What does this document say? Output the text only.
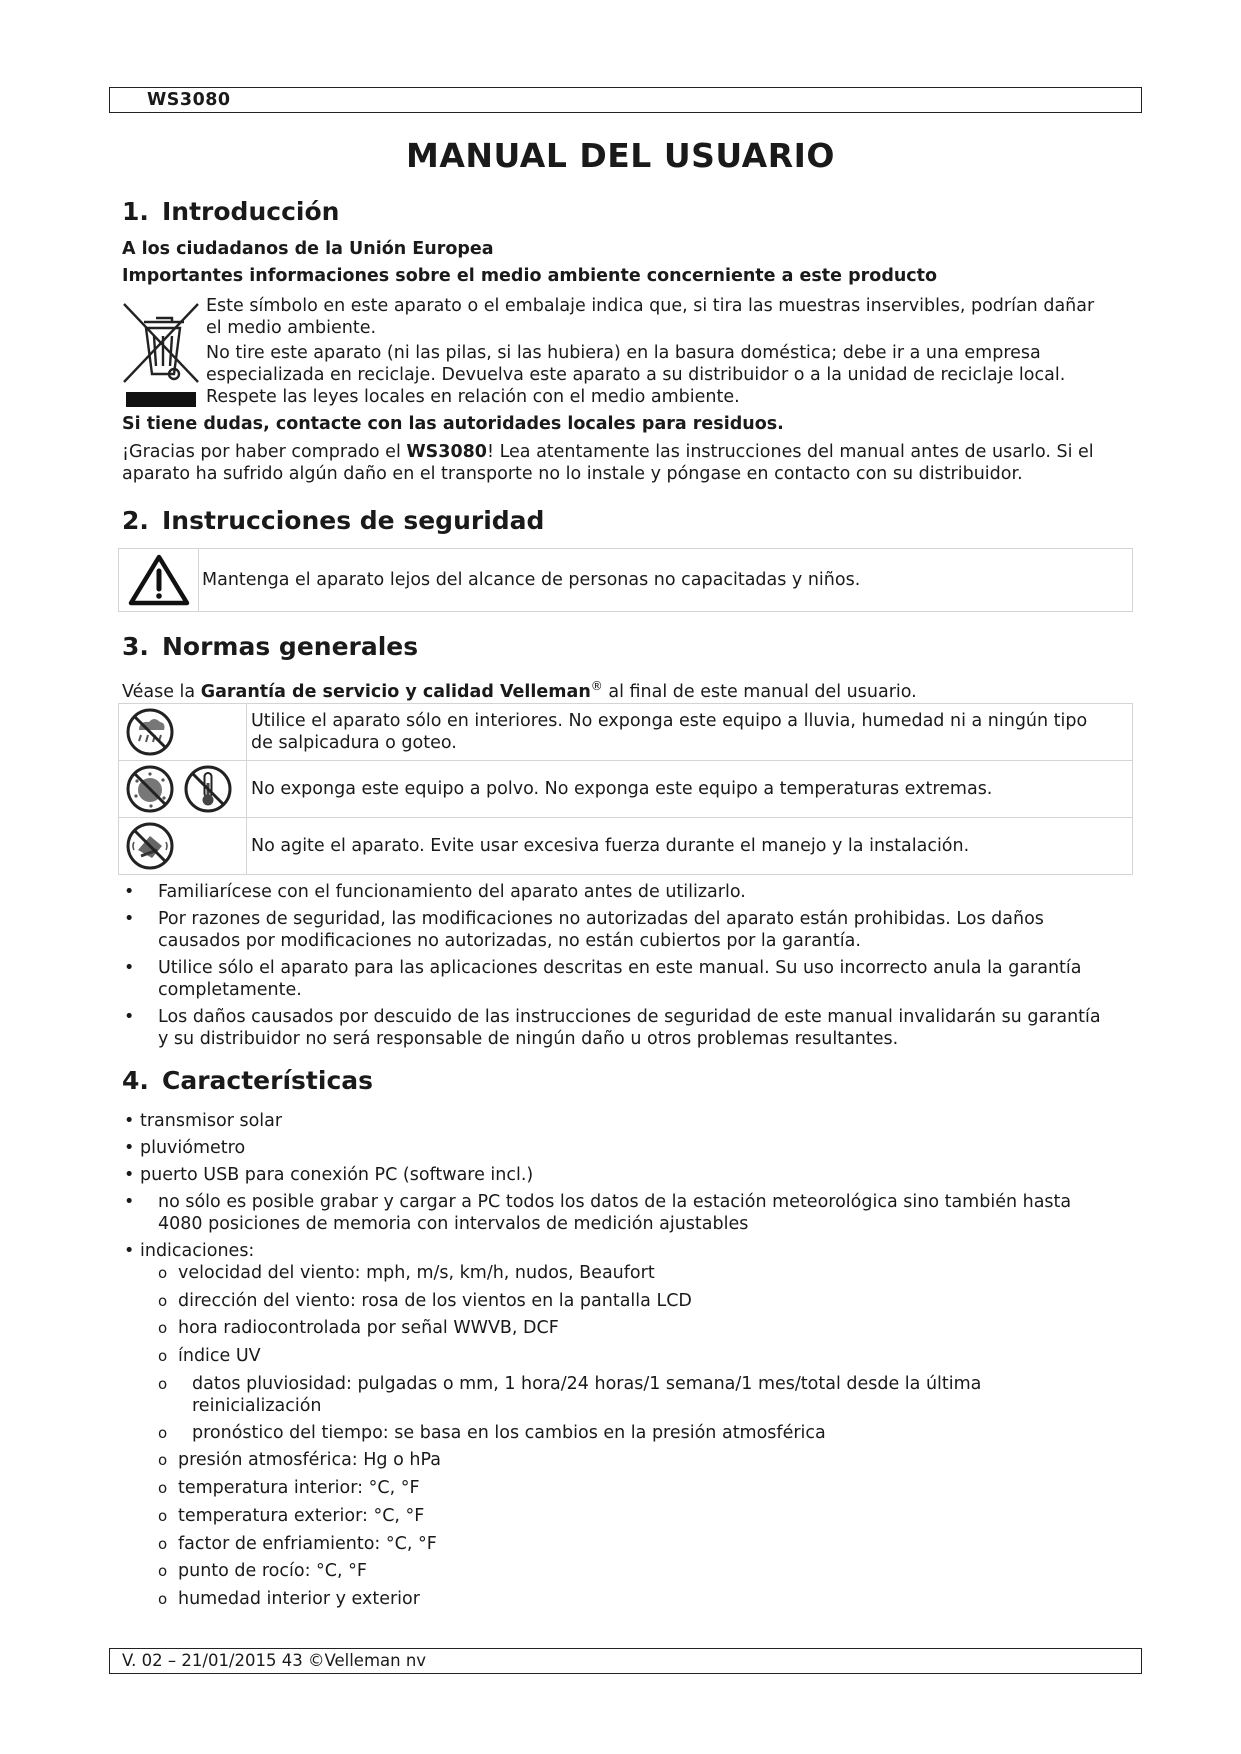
WS3080
MANUAL DEL USUARIO
1. Introducción
A los ciudadanos de la Unión Europea
Importantes informaciones sobre el medio ambiente concerniente a este producto
Este símbolo en este aparato o el embalaje indica que, si tira las muestras inservibles, podrían dañar
el medio ambiente.
No tire este aparato (ni las pilas, si las hubiera) en la basura doméstica; debe ir a una empresa
especializada en reciclaje. Devuelva este aparato a su distribuidor o a la unidad de reciclaje local.
Respete las leyes locales en relación con el medio ambiente.
Si tiene dudas, contacte con las autoridades locales para residuos.
¡Gracias por haber comprado el WS3080! Lea atentamente las instrucciones del manual antes de usarlo. Si el
aparato ha sufrido algún daño en el transporte no lo instale y póngase en contacto con su distribuidor.
2. Instrucciones de seguridad
	Mantenga el aparato lejos del alcance de personas no capacitadas y niños.
3. Normas generales
Véase la Garantía de servicio y calidad Velleman® al final de este manual del usuario.

Utilice el aparato sólo en interiores. No exponga este equipo a lluvia, humedad ni a ningún tipo
de salpicadura o goteo.

	No exponga este equipo a polvo. No exponga este equipo a temperaturas extremas.

	No agite el aparato. Evite usar excesiva fuerza durante el manejo y la instalación.
• Familiarícese con el funcionamiento del aparato antes de utilizarlo.
• Por razones de seguridad, las modificaciones no autorizadas del aparato están prohibidas. Los daños
causados por modificaciones no autorizadas, no están cubiertos por la garantía.
• Utilice sólo el aparato para las aplicaciones descritas en este manual. Su uso incorrecto anula la garantía
completamente.
• Los daños causados por descuido de las instrucciones de seguridad de este manual invalidarán su garantía
y su distribuidor no será responsable de ningún daño u otros problemas resultantes.
4. Características
• transmisor solar
• pluviómetro
• puerto USB para conexión PC (software incl.)
• no sólo es posible grabar y cargar a PC todos los datos de la estación meteorológica sino también hasta
4080 posiciones de memoria con intervalos de medición ajustables
• indicaciones:
o velocidad del viento: mph, m/s, km/h, nudos, Beaufort
o dirección del viento: rosa de los vientos en la pantalla LCD
o hora radiocontrolada por señal WWVB, DCF
o índice UV
o datos pluviosidad: pulgadas o mm, 1 hora/24 horas/1 semana/1 mes/total desde la última
reinicialización
o pronóstico del tiempo: se basa en los cambios en la presión atmosférica
o presión atmosférica: Hg o hPa
o temperatura interior: °C, °F
o temperatura exterior: °C, °F
o factor de enfriamiento: °C, °F
o punto de rocío: °C, °F
o humedad interior y exterior
V. 02 – 21/01/2015 43 ©Velleman nv
